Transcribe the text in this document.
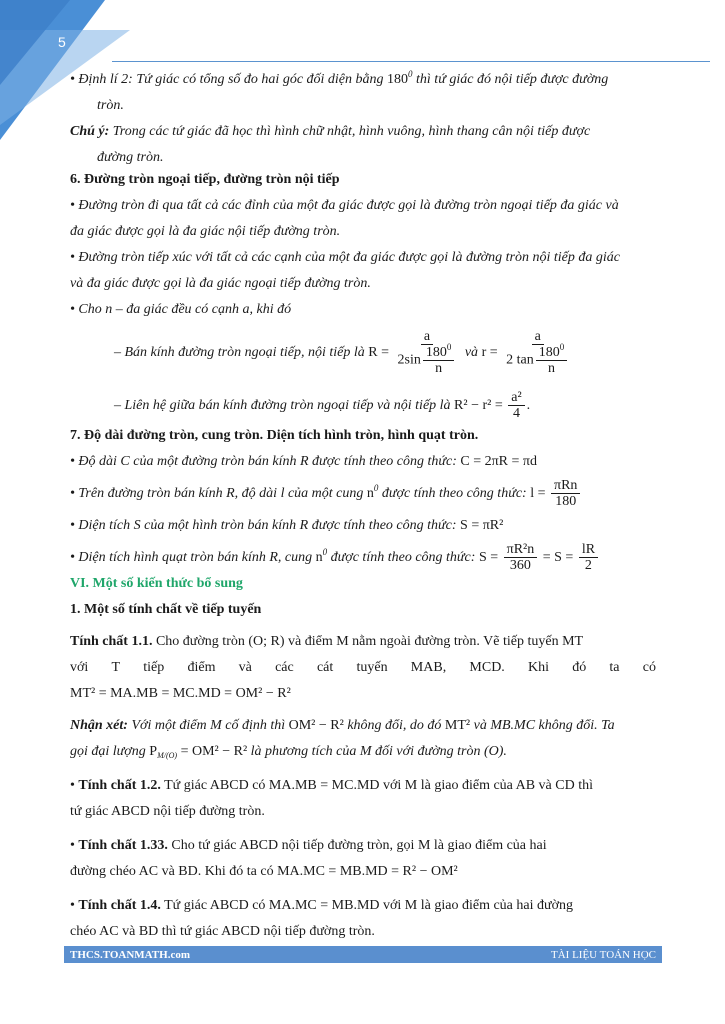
5
• Định lí 2: Tứ giác có tổng số đo hai góc đối diện bằng $180^0$ thì tứ giác đó nội tiếp được đường
tròn.
Chú ý: Trong các tứ giác đã học thì hình chữ nhật, hình vuông, hình thang cân nội tiếp được
đường tròn.
6. Đường tròn ngoại tiếp, đường tròn nội tiếp
• Đường tròn đi qua tất cả các đỉnh của một đa giác được gọi là đường tròn ngoại tiếp đa giác và
đa giác được gọi là đa giác nội tiếp đường tròn.
• Đường tròn tiếp xúc với tất cả các cạnh của một đa giác được gọi là đường tròn nội tiếp đa giác
và đa giác được gọi là đa giác ngoại tiếp đường tròn.
• Cho n – đa giác đều có cạnh a, khi đó
– Bán kính đường tròn ngoại tiếp, nội tiếp là $R = \frac{a}{2\sin \frac{180^0}{n}}$ và $r = \frac{a}{2 \tan \frac{180^0}{n}}$
– Liên hệ giữa bán kính đường tròn ngoại tiếp và nội tiếp là $R^2 - r^2 = \frac{\text{a²}}{4}$ .
7. Độ dài đường tròn, cung tròn. Diện tích hình tròn, hình quạt tròn.
• Độ dài C của một đường tròn bán kính R được tính theo công thức: C = 2πR = πd
• Trên đường tròn bán kính R, độ dài l của một cung $n^0$ được tính theo công thức: $l = \frac{\text{πRn}}{180}$
• Diện tích S của một hình tròn bán kính R được tính theo công thức: S = πR²
• Diện tích hình quạt tròn bán kính R, cung $n^0$ được tính theo công thức: $S = \frac{\text{πR²n}}{360} = S = \frac{lR}{2}$
VI. Một số kiến thức bổ sung
1. Một số tính chất về tiếp tuyến
Tính chất 1.1. Cho đường tròn (O; R) và điểm M nằm ngoài đường tròn. Vẽ tiếp tuyến MT
với T tiếp điểm và các cát tuyến MAB, MCD. Khi đó ta có
MT² = MA.MB = MC.MD = OM² − R²
Nhận xét: Với một điểm M cố định thì OM² − R² không đổi, do đó MT² và MB.MC không đổi. Ta
gọi đại lượng $P_{M/(O)} = OM^2 - R^2$ là phương tích của M đối với đường tròn (O).
• Tính chất 1.2. Tứ giác ABCD có MA.MB = MC.MD với M là giao điểm của AB và CD thì
tứ giác ABCD nội tiếp đường tròn.
• Tính chất 1.33. Cho tứ giác ABCD nội tiếp đường tròn, gọi M là giao điểm của hai
đường chéo AC và BD. Khi đó ta có MA.MC = MB.MD = R² − OM²
• Tính chất 1.4. Tứ giác ABCD có MA.MC = MB.MD với M là giao điểm của hai đường
chéo AC và BD thì tứ giác ABCD nội tiếp đường tròn.
THCS.TOANMATH.com	TÀI LIỆU TOÁN HỌC
